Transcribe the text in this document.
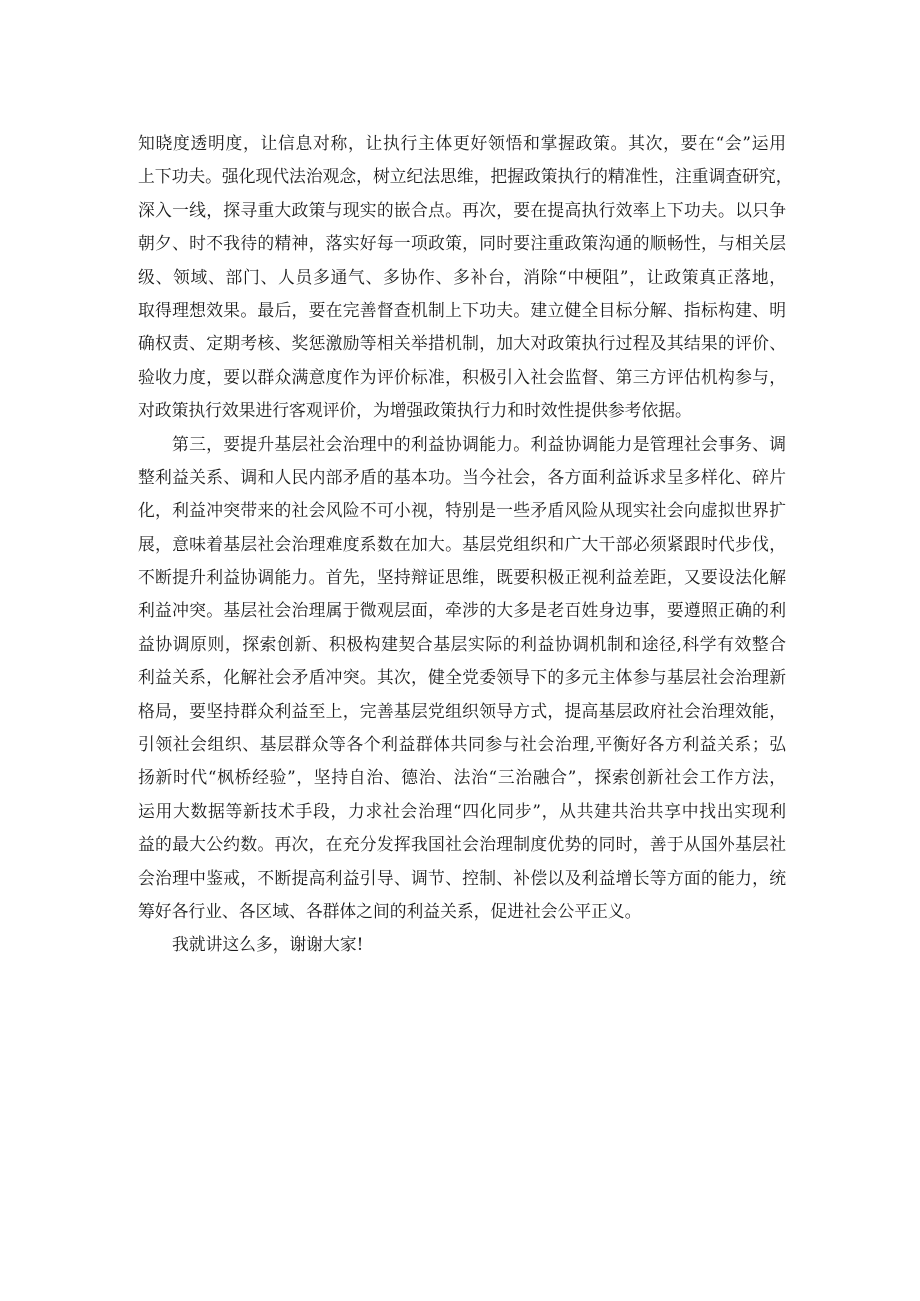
知晓度透明度，让信息对称，让执行主体更好领悟和掌握政策。其次，要在“会”运用
上下功夫。强化现代法治观念，树立纪法思维，把握政策执行的精准性，注重调查研究，
深入一线，探寻重大政策与现实的嵌合点。再次，要在提高执行效率上下功夫。以只争
朝夕、时不我待的精神，落实好每一项政策，同时要注重政策沟通的顺畅性，与相关层
级、领域、部门、人员多通气、多协作、多补台，消除“中梗阻”，让政策真正落地，
取得理想效果。最后，要在完善督查机制上下功夫。建立健全目标分解、指标构建、明
确权责、定期考核、奖惩激励等相关举措机制，加大对政策执行过程及其结果的评价、
验收力度，要以群众满意度作为评价标准，积极引入社会监督、第三方评估机构参与，
对政策执行效果进行客观评价，为增强政策执行力和时效性提供参考依据。
第三，要提升基层社会治理中的利益协调能力。利益协调能力是管理社会事务、调
整利益关系、调和人民内部矛盾的基本功。当今社会，各方面利益诉求呈多样化、碎片
化，利益冲突带来的社会风险不可小视，特别是一些矛盾风险从现实社会向虚拟世界扩
展，意味着基层社会治理难度系数在加大。基层党组织和广大干部必须紧跟时代步伐，
不断提升利益协调能力。首先，坚持辩证思维，既要积极正视利益差距，又要设法化解
利益冲突。基层社会治理属于微观层面，牵涉的大多是老百姓身边事，要遵照正确的利
益协调原则，探索创新、积极构建契合基层实际的利益协调机制和途径,科学有效整合
利益关系，化解社会矛盾冲突。其次，健全党委领导下的多元主体参与基层社会治理新
格局，要坚持群众利益至上，完善基层党组织领导方式，提高基层政府社会治理效能，
引领社会组织、基层群众等各个利益群体共同参与社会治理,平衡好各方利益关系；弘
扬新时代“枫桥经验”，坚持自治、德治、法治“三治融合”，探索创新社会工作方法，
运用大数据等新技术手段，力求社会治理“四化同步”，从共建共治共享中找出实现利
益的最大公约数。再次，在充分发挥我国社会治理制度优势的同时，善于从国外基层社
会治理中鉴戒，不断提高利益引导、调节、控制、补偿以及利益增长等方面的能力，统
筹好各行业、各区域、各群体之间的利益关系，促进社会公平正义。
我就讲这么多，谢谢大家!
